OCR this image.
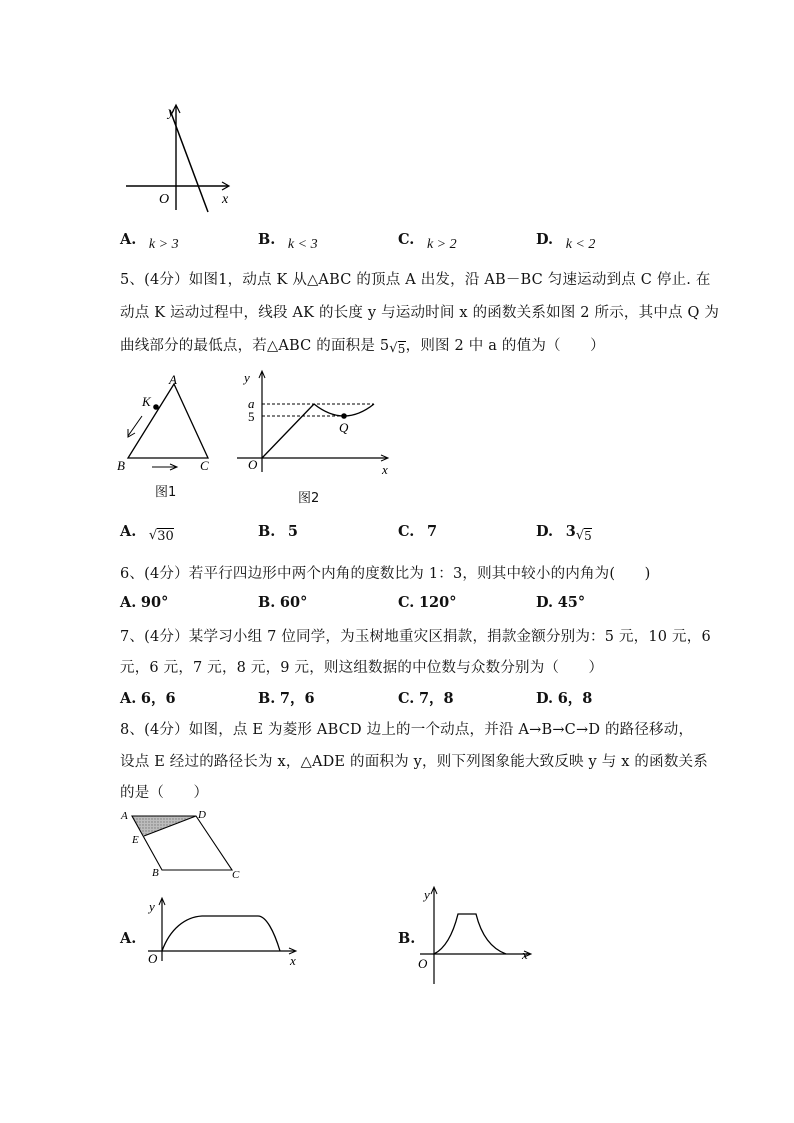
y
O	x
A. k > 3	B. k < 3	C. k > 2	D. k < 2
5、(4分）如图1，动点 K 从△ABC 的顶点 A 出发，沿 AB－BC 匀速运动到点 C 停止. 在
动点 K 运动过程中，线段 AK 的长度 y 与运动时间 x 的函数关系如图 2 所示，其中点 Q 为
曲线部分的最低点，若△ABC 的面积是 $5√_5$，则图 2 中 a 的值为（　　）
A
K
B	C
图1
y
a
5
Q
O	x
图2
A. √30	B. 5	C. 7	D. $3√_5$
6、(4分）若平行四边形中两个内角的度数比为 1：3，则其中较小的内角为(　　)
A. 90°	B. 60°	C. 120°	D. 45°
7、(4分）某学习小组 7 位同学，为玉树地重灾区捐款，捐款金额分别为：5 元，10 元，6
元，6 元，7 元，8 元，9 元，则这组数据的中位数与众数分别为（　　）
A. 6，6	B. 7，6	C. 7，8	D. 6，8
8、(4分）如图，点 E 为菱形 ABCD 边上的一个动点，并沿 A→B→C→D 的路径移动，
设点 E 经过的路径长为 x，△ADE 的面积为 y，则下列图象能大致反映 y 与 x 的函数关系
的是（　　）
A	D
E
B	C
A.
y
O	x
B.
y
O
x
